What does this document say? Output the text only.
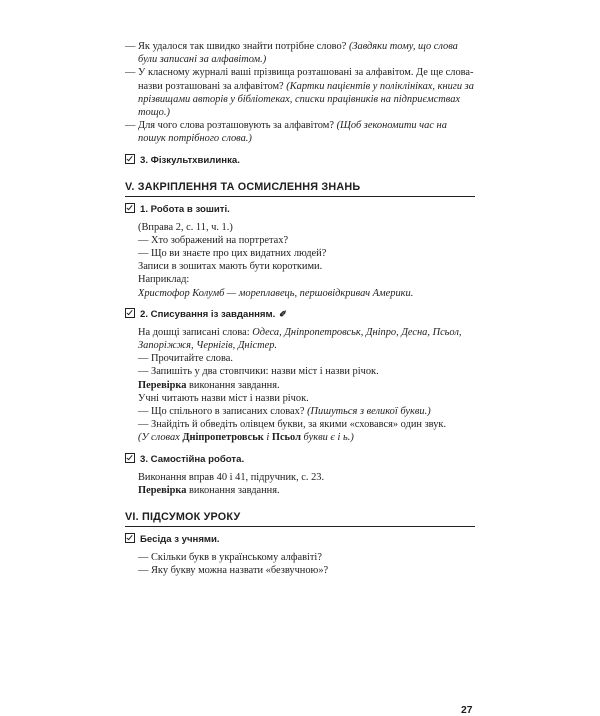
— Як удалося так швидко знайти потрібне слово? (Завдяки тому, що слова були записані за алфавітом.)

— У класному журналі ваші прізвища розташовані за алфавітом. Де ще слова-назви розташовані за алфавітом? (Картки пацієнтів у поліклініках, книги за прізвищами авторів у бібліотеках, списки працівників на підприємствах тощо.)

— Для чого слова розташовують за алфавітом? (Щоб зекономити час на пошук потрібного слова.)

3. Фізкультхвилинка.
V. ЗАКРІПЛЕННЯ ТА ОСМИСЛЕННЯ ЗНАНЬ
1. Робота в зошиті.

(Вправа 2, с. 11, ч. 1.)

— Хто зображений на портретах?

— Що ви знаєте про цих видатних людей?

Записи в зошитах мають бути короткими.

Наприклад:

Христофор Колумб — мореплавець, першовідкривач Америки.

2. Списування із завданням. ✐

На дошці записані слова: Одеса, Дніпропетровськ, Дніпро, Десна, Псьол, Запоріжжя, Чернігів, Дністер.

— Прочитайте слова.

— Запишіть у два стовпчики: назви міст і назви річок.

Перевірка виконання завдання.

Учні читають назви міст і назви річок.

— Що спільного в записаних словах? (Пишуться з великої букви.)

— Знайдіть й обведіть олівцем букви, за якими «сховався» один звук.

(У словах Дніпропетровськ і Псьол букви є і ь.)

3. Самостійна робота.

Виконання вправ 40 і 41, підручник, с. 23.

Перевірка виконання завдання.

VI. ПІДСУМОК УРОКУ
Бесіда з учнями.

— Скільки букв в українському алфавіті?

— Яку букву можна назвати «безвучною»?

27
